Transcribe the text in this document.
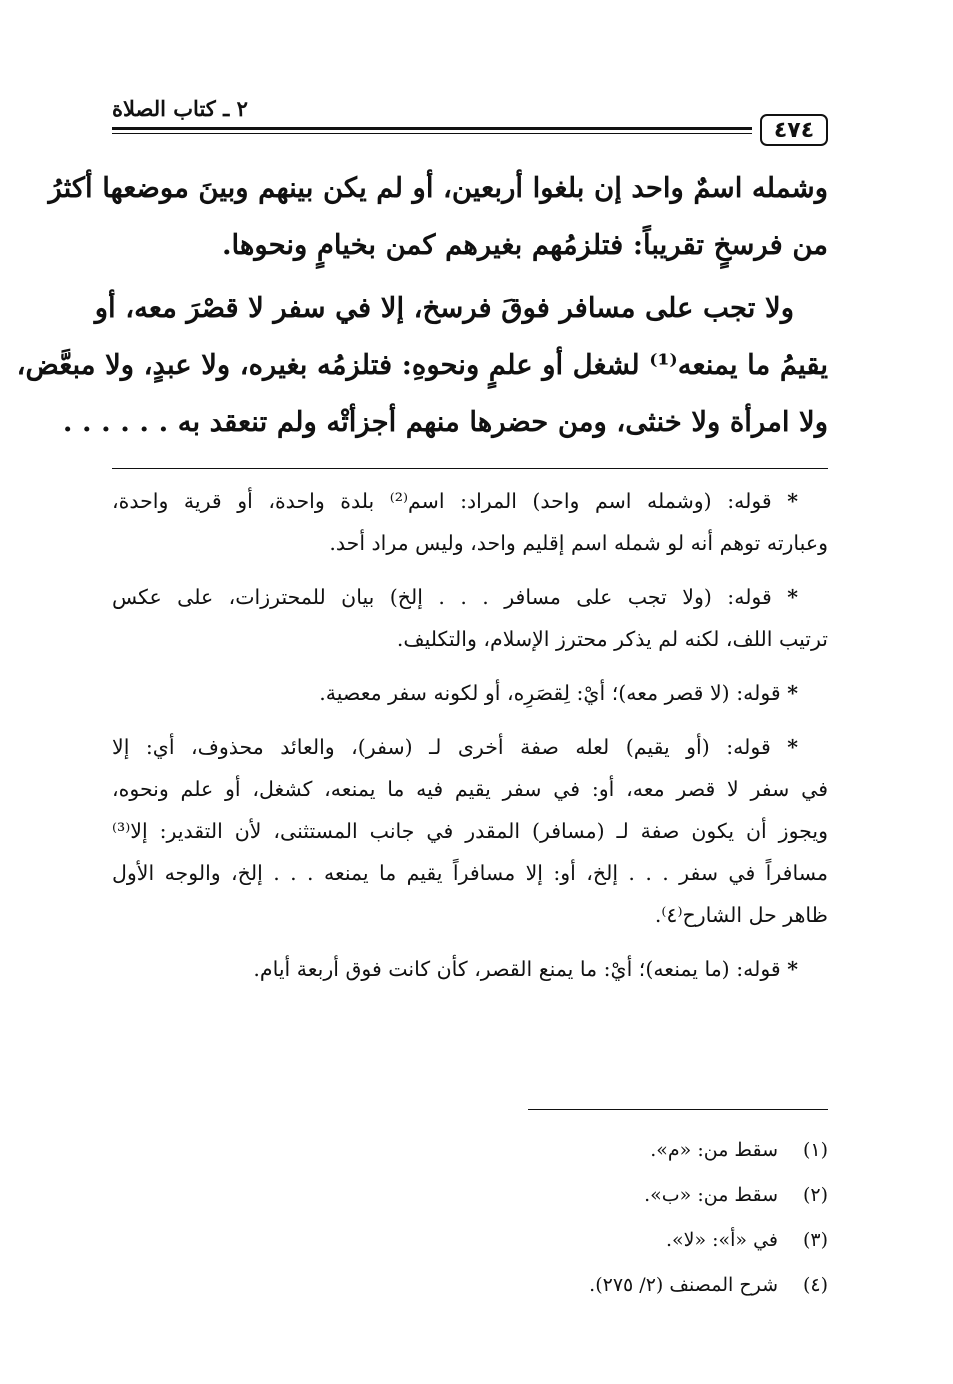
٢ ـ كتاب الصلاة
٤٧٤
وشمله اسمٌ واحد إن بلغوا أربعين، أو لم يكن بينهم وبينَ موضعها أكثرُ
من فرسخٍ تقريباً: فتلزمُهم بغيرهم كمن بخيامٍ ونحوها.
ولا تجب على مسافر فوقَ فرسخ، إلا في سفر لا قصْرَ معه، أو
يقيمُ ما يمنعه⁽¹⁾ لشغل أو علمٍ ونحوهِ: فتلزمُه بغيره، ولا عبدٍ، ولا مبعَّض،
ولا امرأة ولا خنثى، ومن حضرها منهم أجزأتْه ولم تنعقد به . . . . . .
* قوله: (وشمله اسم واحد) المراد: اسم⁽²⁾ بلدة واحدة، أو قرية واحدة،
وعبارته توهم أنه لو شمله اسم إقليم واحد، وليس مراد أحد.
* قوله: (ولا تجب على مسافر . . . إلخ) بيان للمحترزات، على عكس
ترتيب اللف، لكنه لم يذكر محترز الإسلام، والتكليف.
* قوله: (لا قصر معه)؛ أيْ: لِقصَرِه، أو لكونه سفر معصية.
* قوله: (أو يقيم) لعله صفة أخرى لـ (سفر)، والعائد محذوف، أي: إلا
في سفر لا قصر معه، أو: في سفر يقيم فيه ما يمنعه، كشغل، أو علم ونحوه،
ويجوز أن يكون صفة لـ (مسافر) المقدر في جانب المستثنى، لأن التقدير: إلا⁽³⁾
مسافراً في سفر . . . إلخ، أو: إلا مسافراً يقيم ما يمنعه . . . إلخ، والوجه الأول
ظاهر حل الشارح⁽٤⁾.
* قوله: (ما يمنعه)؛ أيْ: ما يمنع القصر، كأن كانت فوق أربعة أيام.
(١)سقط من: «م».
(٢)سقط من: «ب».
(٣)في «أ»: «لا».
(٤)شرح المصنف (٢/ ٢٧٥).
